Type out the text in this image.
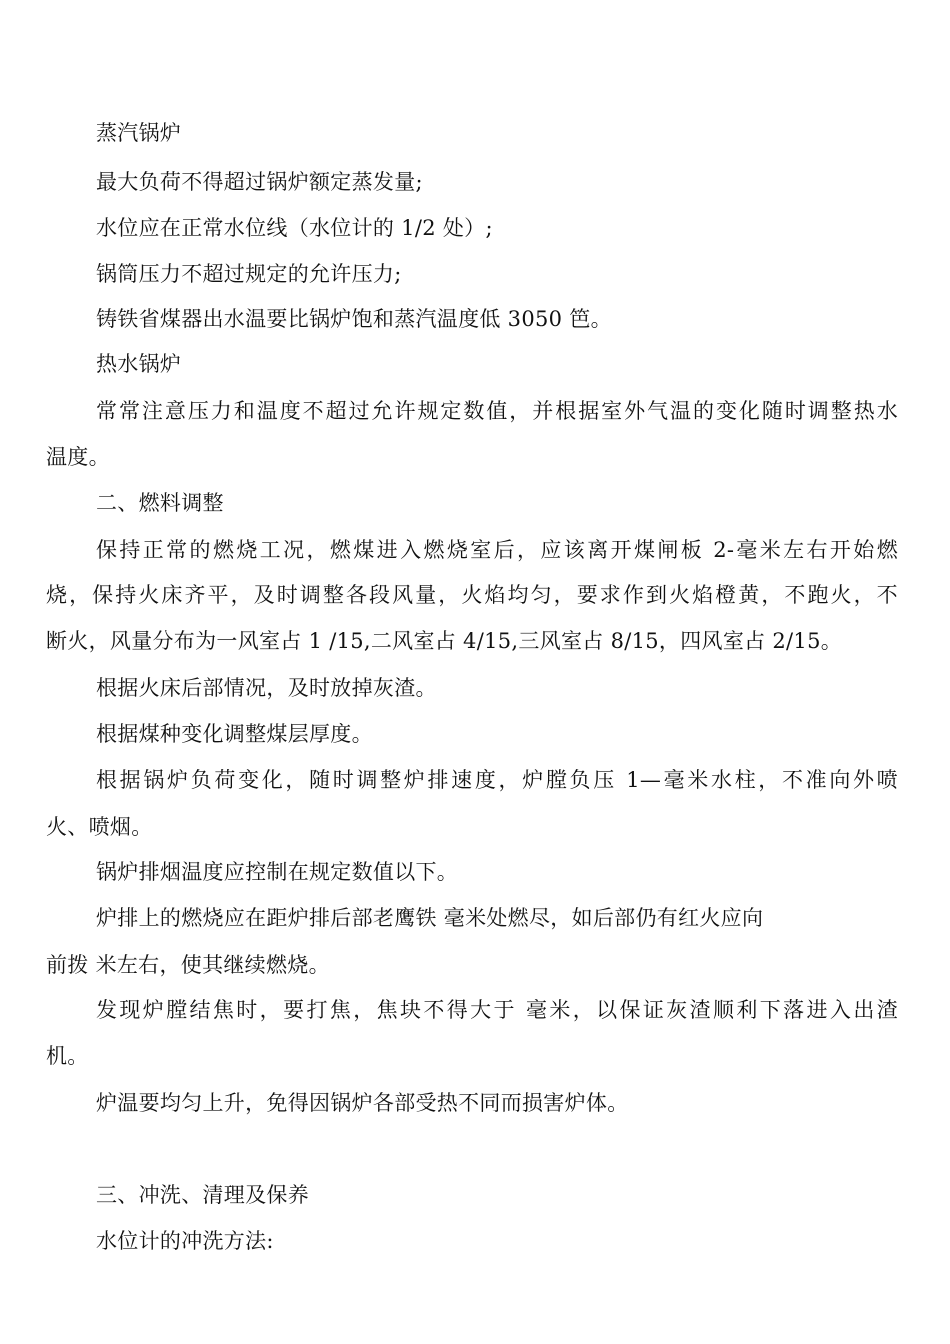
蒸汽锅炉
最大负荷不得超过锅炉额定蒸发量;
水位应在正常水位线（水位计的 1/2 处）;
锅筒压力不超过规定的允许压力;
铸铁省煤器出水温要比锅炉饱和蒸汽温度低 3050 笆。
热水锅炉
常常注意压力和温度不超过允许规定数值，并根据室外气温的变化随时调整热水
温度。
二、燃料调整
保持正常的燃烧工况，燃煤进入燃烧室后，应该离开煤闸板 2-毫米左右开始燃
烧，保持火床齐平，及时调整各段风量，火焰均匀，要求作到火焰橙黄，不跑火，不
断火，风量分布为一风室占 1 /15,二风室占 4/15,三风室占 8/15，四风室占 2/15。
根据火床后部情况，及时放掉灰渣。
根据煤种变化调整煤层厚度。
根据锅炉负荷变化，随时调整炉排速度，炉膛负压 1—毫米水柱，不准向外喷
火、喷烟。
锅炉排烟温度应控制在规定数值以下。
炉排上的燃烧应在距炉排后部老鹰铁 毫米处燃尽，如后部仍有红火应向
前拨 米左右，使其继续燃烧。
发现炉膛结焦时，要打焦，焦块不得大于 毫米，以保证灰渣顺利下落进入出渣
机。
炉温要均匀上升，免得因锅炉各部受热不同而损害炉体。
三、冲洗、清理及保养
水位计的冲洗方法:
